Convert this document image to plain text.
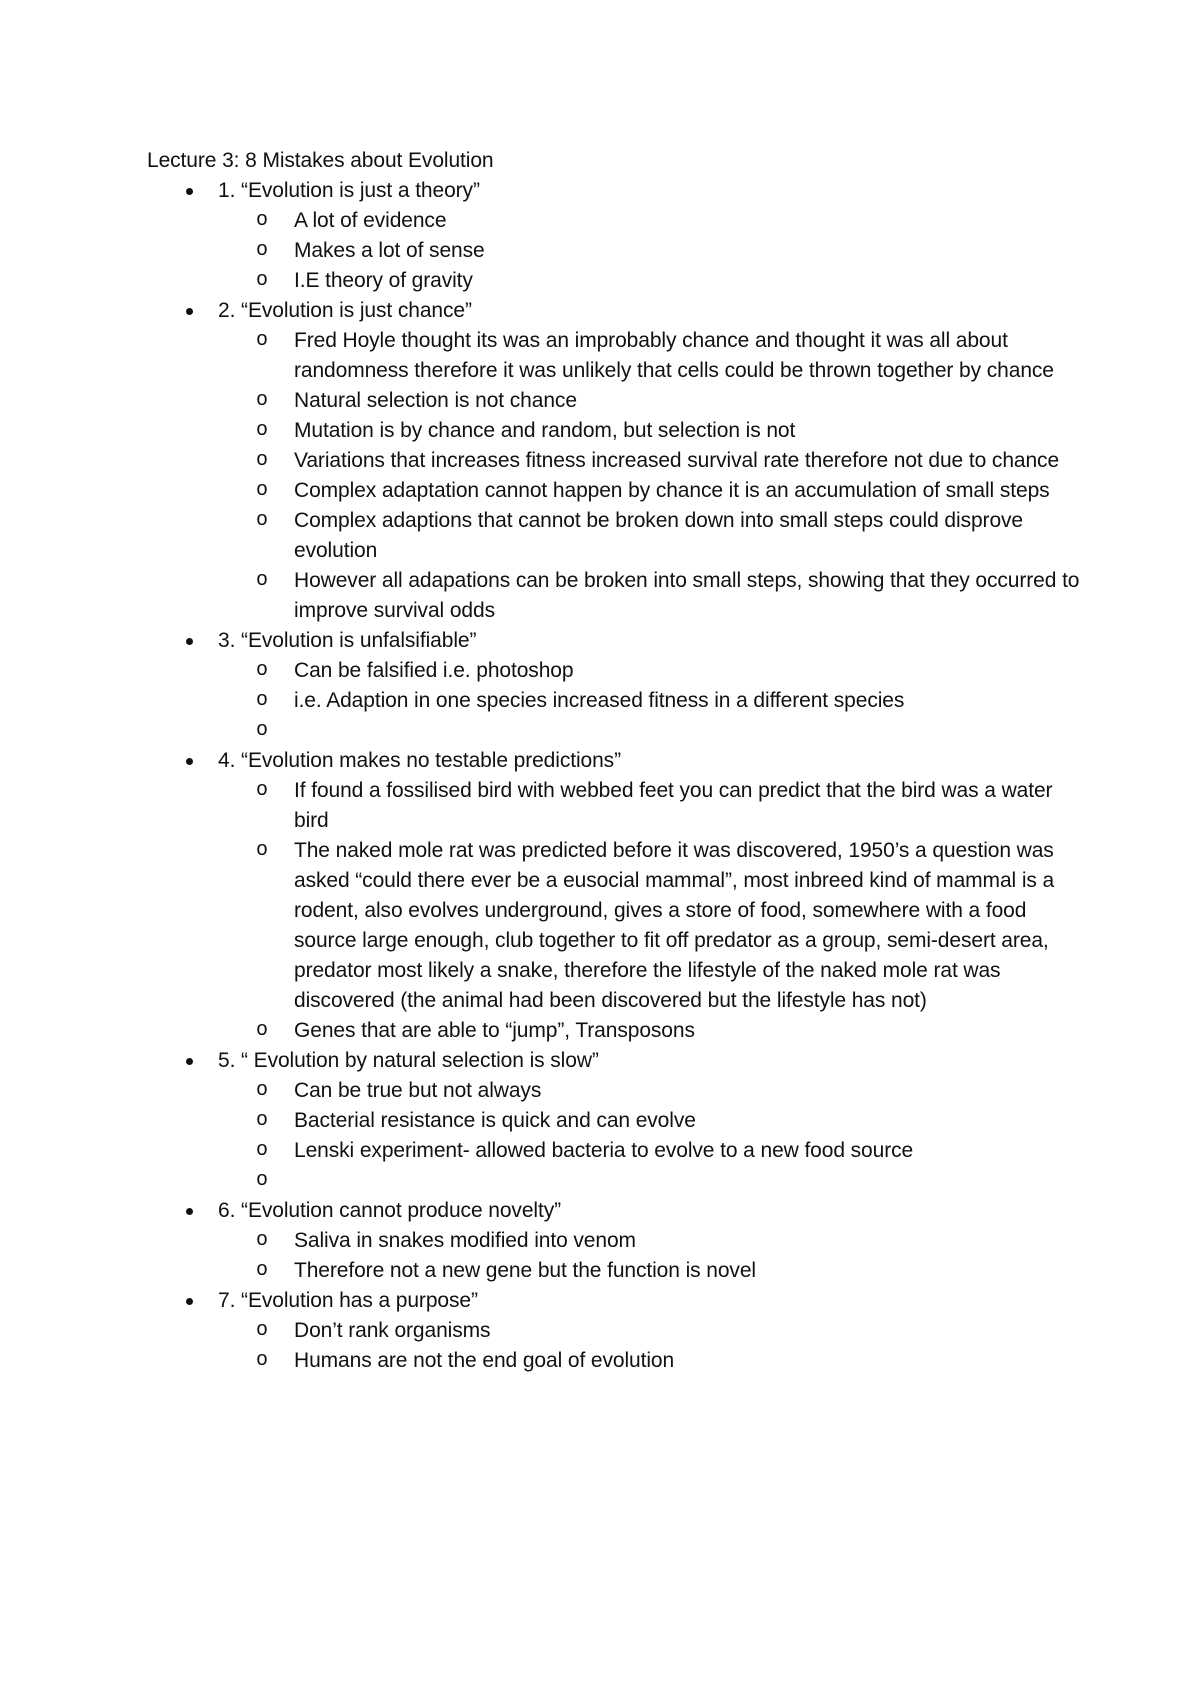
Lecture 3: 8 Mistakes about Evolution
1. “Evolution is just a theory”
o A lot of evidence
o Makes a lot of sense
o I.E theory of gravity
2. “Evolution is just chance”
o Fred Hoyle thought its was an improbably chance and thought it was all about randomness therefore it was unlikely that cells could be thrown together by chance
o Natural selection is not chance
o Mutation is by chance and random, but selection is not
o Variations that increases fitness increased survival rate therefore not due to chance
o Complex adaptation cannot happen by chance it is an accumulation of small steps
o Complex adaptions that cannot be broken down into small steps could disprove evolution
o However all adapations can be broken into small steps, showing that they occurred to improve survival odds
3. “Evolution is unfalsifiable”
o Can be falsified i.e. photoshop
o i.e. Adaption in one species increased fitness in a different species
o
4. “Evolution makes no testable predictions”
o If found a fossilised bird with webbed feet you can predict that the bird was a water bird
o The naked mole rat was predicted before it was discovered, 1950’s a question was asked “could there ever be a eusocial mammal”, most inbreed kind of mammal is a rodent, also evolves underground, gives a store of food, somewhere with a food source large enough, club together to fit off predator as a group, semi-desert area, predator most likely a snake, therefore the lifestyle of the naked mole rat was discovered (the animal had been discovered but the lifestyle has not)
o Genes that are able to “jump”, Transposons
5. “ Evolution by natural selection is slow”
o Can be true but not always
o Bacterial resistance is quick and can evolve
o Lenski experiment- allowed bacteria to evolve to a new food source
o
6. “Evolution cannot produce novelty”
o Saliva in snakes modified into venom
o Therefore not a new gene but the function is novel
7. “Evolution has a purpose”
o Don’t rank organisms
o Humans are not the end goal of evolution
